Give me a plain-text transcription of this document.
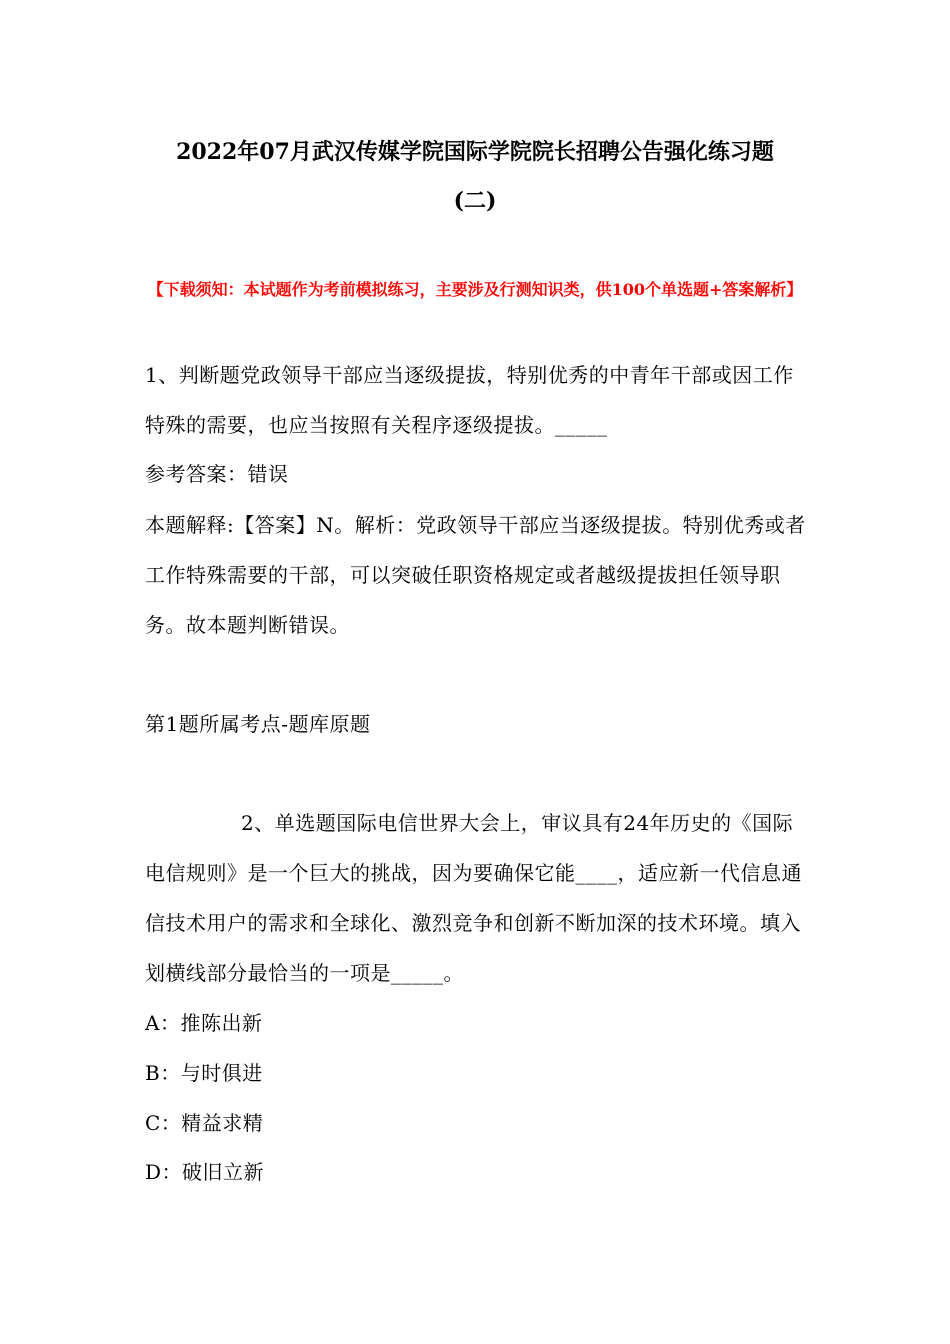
2022年07月武汉传媒学院国际学院院长招聘公告强化练习题
(二)
【下载须知：本试题作为考前模拟练习，主要涉及行测知识类，供100个单选题+答案解析】
1、判断题党政领导干部应当逐级提拔，特别优秀的中青年干部或因工作特殊的需要，也应当按照有关程序逐级提拔。_____
参考答案：错误
本题解释:【答案】N。解析：党政领导干部应当逐级提拔。特别优秀或者工作特殊需要的干部，可以突破任职资格规定或者越级提拔担任领导职务。故本题判断错误。
第1题所属考点-题库原题
2、单选题国际电信世界大会上，审议具有24年历史的《国际电信规则》是一个巨大的挑战，因为要确保它能____，适应新一代信息通信技术用户的需求和全球化、激烈竞争和创新不断加深的技术环境。填入划横线部分最恰当的一项是_____。
A：推陈出新
B：与时俱进
C：精益求精
D：破旧立新
